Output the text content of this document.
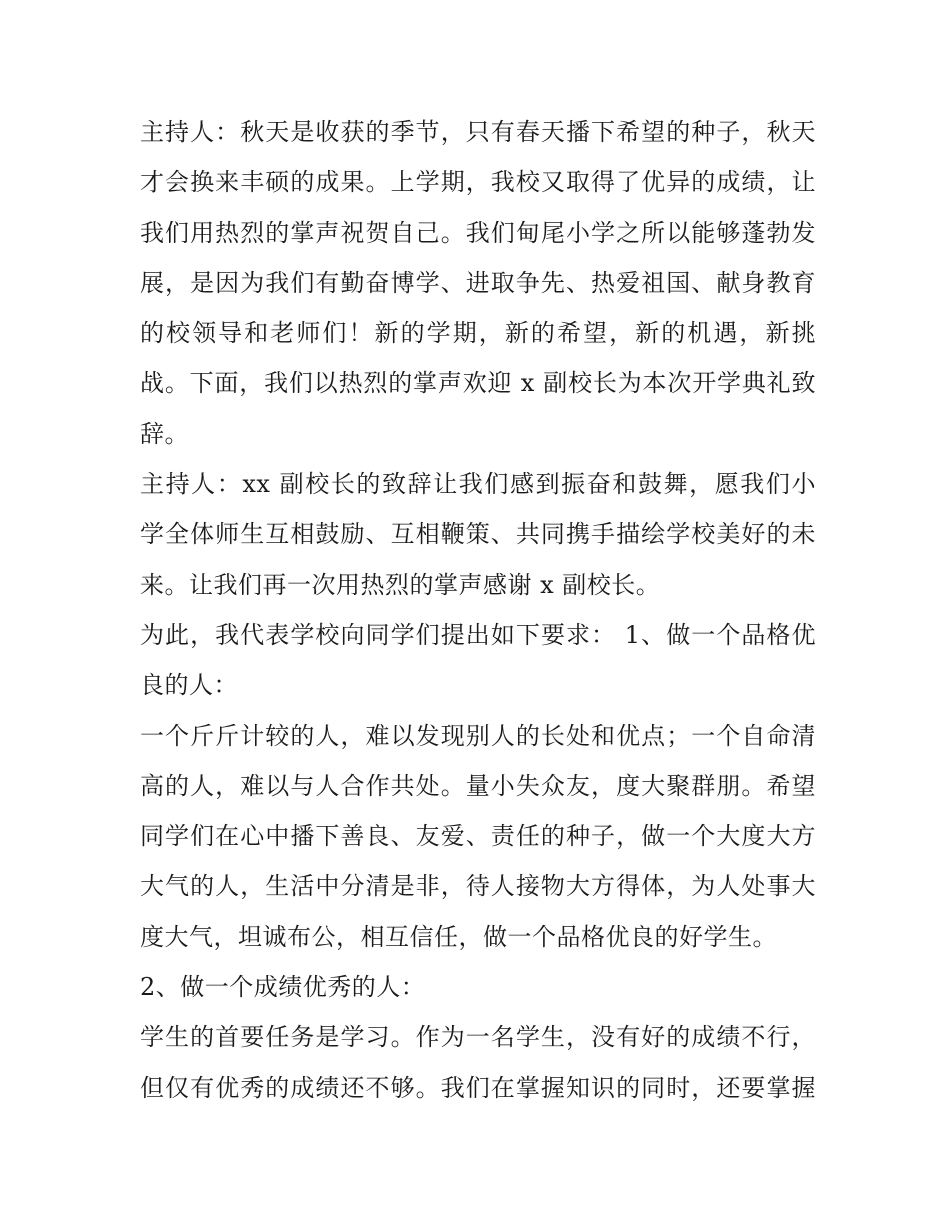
主持人：秋天是收获的季节，只有春天播下希望的种子，秋天
才会换来丰硕的成果。上学期，我校又取得了优异的成绩，让
我们用热烈的掌声祝贺自己。我们甸尾小学之所以能够蓬勃发
展，是因为我们有勤奋博学、进取争先、热爱祖国、献身教育
的校领导和老师们！新的学期，新的希望，新的机遇，新挑
战。下面，我们以热烈的掌声欢迎 x 副校长为本次开学典礼致
辞。
主持人：xx 副校长的致辞让我们感到振奋和鼓舞，愿我们小
学全体师生互相鼓励、互相鞭策、共同携手描绘学校美好的未
来。让我们再一次用热烈的掌声感谢 x 副校长。
为此，我代表学校向同学们提出如下要求： 1、做一个品格优
良的人：
一个斤斤计较的人，难以发现别人的长处和优点；一个自命清
高的人，难以与人合作共处。量小失众友，度大聚群朋。希望
同学们在心中播下善良、友爱、责任的种子，做一个大度大方
大气的人，生活中分清是非，待人接物大方得体，为人处事大
度大气，坦诚布公，相互信任，做一个品格优良的好学生。
2、做一个成绩优秀的人：
学生的首要任务是学习。作为一名学生，没有好的成绩不行，
但仅有优秀的成绩还不够。我们在掌握知识的同时，还要掌握
